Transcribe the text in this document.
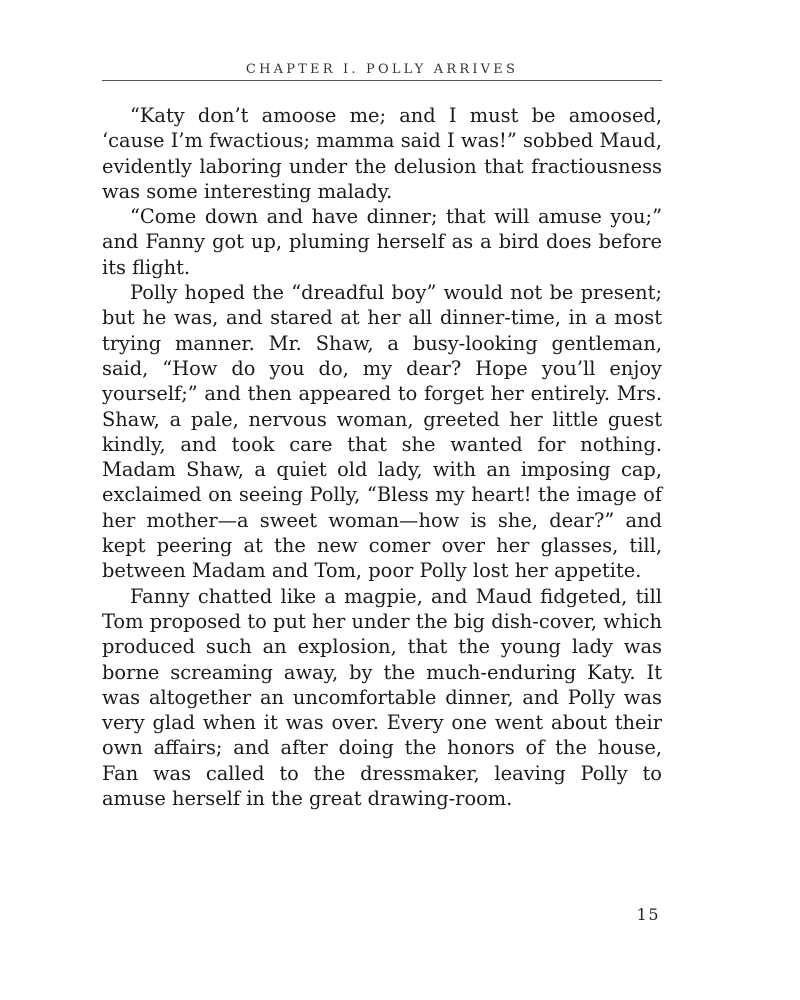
CHAPTER I. POLLY ARRIVES

“Katy don’t amoose me; and I must be amoosed, ‘cause I’m fwactious; mamma said I was!” sobbed Maud, evidently laboring under the delusion that fractiousness was some interesting malady.

“Come down and have dinner; that will amuse you;” and Fanny got up, pluming herself as a bird does before its flight.

Polly hoped the “dreadful boy” would not be present; but he was, and stared at her all dinner-time, in a most trying manner. Mr. Shaw, a busy-looking gentleman, said, “How do you do, my dear? Hope you’ll enjoy yourself;” and then appeared to forget her entirely. Mrs. Shaw, a pale, nervous woman, greeted her little guest kindly, and took care that she wanted for nothing. Madam Shaw, a quiet old lady, with an imposing cap, exclaimed on seeing Polly, “Bless my heart! the image of her mother—a sweet woman—how is she, dear?” and kept peering at the new comer over her glasses, till, between Madam and Tom, poor Polly lost her appetite.

Fanny chatted like a magpie, and Maud fidgeted, till Tom proposed to put her under the big dish-cover, which produced such an explosion, that the young lady was borne screaming away, by the much-enduring Katy. It was altogether an uncomfortable dinner, and Polly was very glad when it was over. Every one went about their own affairs; and after doing the honors of the house, Fan was called to the dressmaker, leaving Polly to amuse herself in the great drawing-room.

15
